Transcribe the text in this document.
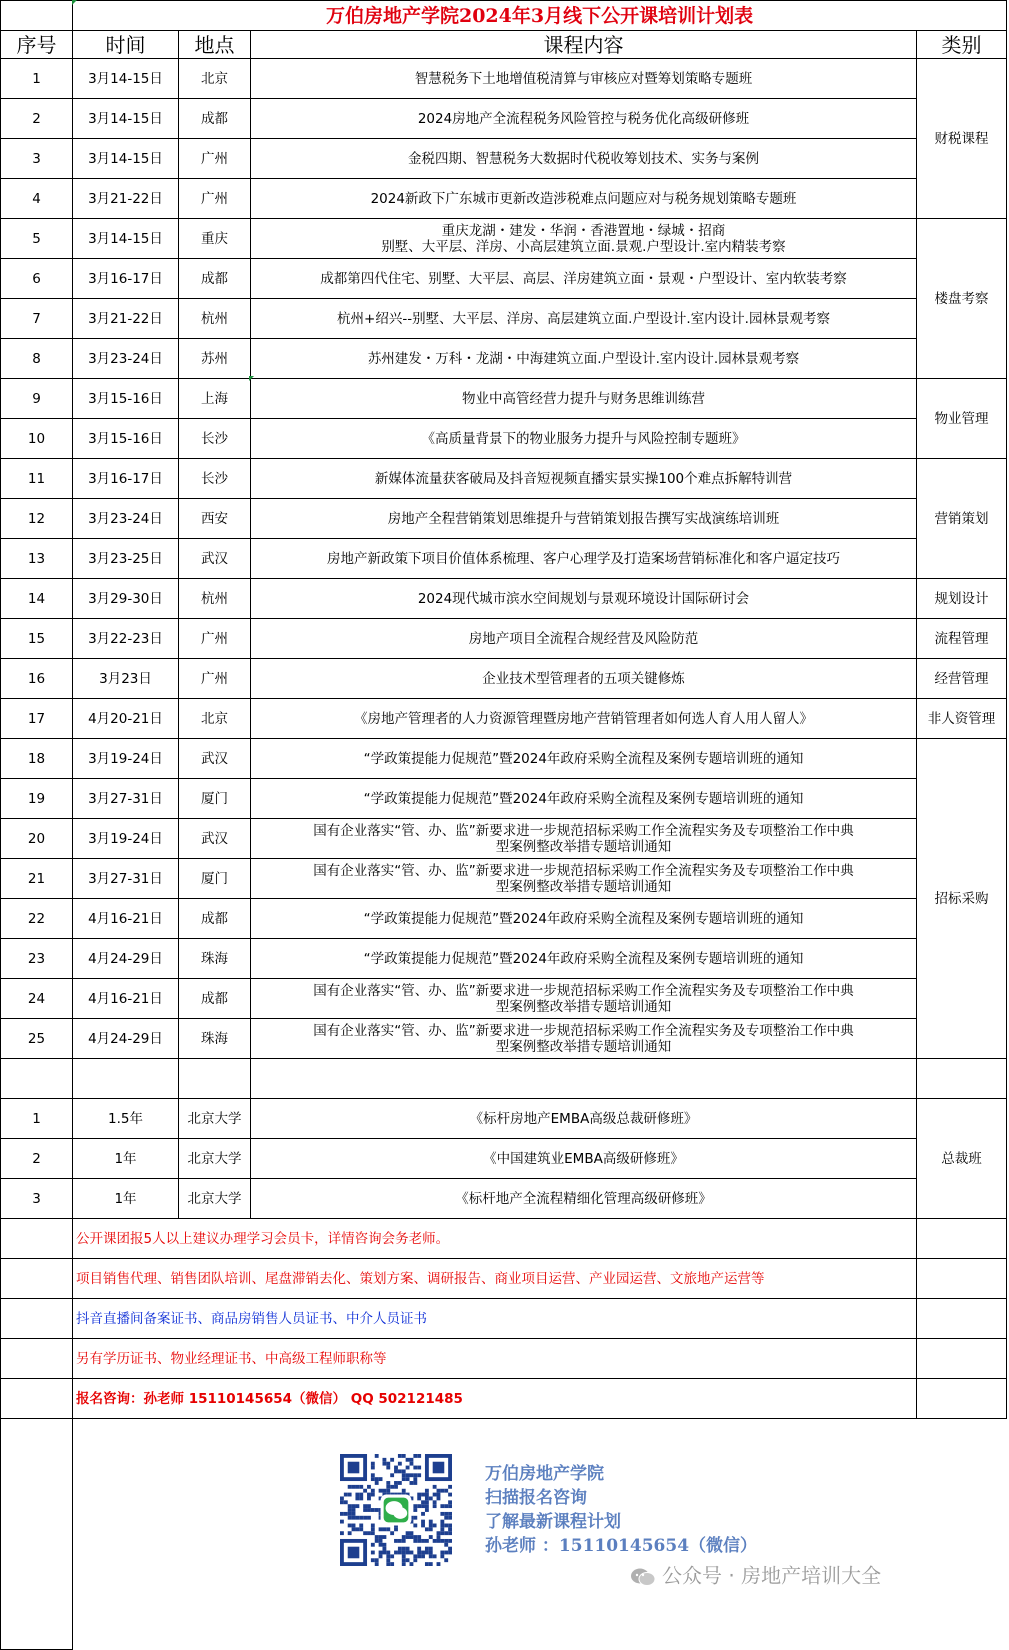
	万伯房地产学院2024年3月线下公开课培训计划表			
序号	时间	地点	课程内容	类别
1	3月14-15日	北京	智慧税务下土地增值税清算与审核应对暨筹划策略专题班	财税课程
2	3月14-15日	成都	2024房地产全流程税务风险管控与税务优化高级研修班	
3	3月14-15日	广州	金税四期、智慧税务大数据时代税收筹划技术、实务与案例	
4	3月21-22日	广州	2024新政下广东城市更新改造涉税难点问题应对与税务规划策略专题班	
5	3月14-15日	重庆	重庆龙湖・建发・华润・香港置地・绿城・招商
别墅、大平层、洋房、小高层建筑立面.景观.户型设计.室内精装考察	楼盘考察
6	3月16-17日	成都	成都第四代住宅、别墅、大平层、高层、洋房建筑立面・景观・户型设计、室内软装考察	
7	3月21-22日	杭州	杭州+绍兴--别墅、大平层、洋房、高层建筑立面.户型设计.室内设计.园林景观考察	
8	3月23-24日	苏州	苏州建发・万科・龙湖・中海建筑立面.户型设计.室内设计.园林景观考察	
9	3月15-16日	上海	物业中高管经营力提升与财务思维训练营	物业管理
10	3月15-16日	长沙	《高质量背景下的物业服务力提升与风险控制专题班》	
11	3月16-17日	长沙	新媒体流量获客破局及抖音短视频直播实景实操100个难点拆解特训营	营销策划
12	3月23-24日	西安	房地产全程营销策划思维提升与营销策划报告撰写实战演练培训班	
13	3月23-25日	武汉	房地产新政策下项目价值体系梳理、客户心理学及打造案场营销标准化和客户逼定技巧	
14	3月29-30日	杭州	2024现代城市滨水空间规划与景观环境设计国际研讨会	规划设计
15	3月22-23日	广州	房地产项目全流程合规经营及风险防范	流程管理
16	3月23日	广州	企业技术型管理者的五项关键修炼	经营管理
17	4月20-21日	北京	《房地产管理者的人力资源管理暨房地产营销管理者如何选人育人用人留人》	非人资管理
18	3月19-24日	武汉	“学政策提能力促规范”暨2024年政府采购全流程及案例专题培训班的通知	招标采购
19	3月27-31日	厦门	“学政策提能力促规范”暨2024年政府采购全流程及案例专题培训班的通知	
20	3月19-24日	武汉	国有企业落实“管、办、监”新要求进一步规范招标采购工作全流程实务及专项整治工作中典
型案例整改举措专题培训通知	
21	3月27-31日	厦门	国有企业落实“管、办、监”新要求进一步规范招标采购工作全流程实务及专项整治工作中典
型案例整改举措专题培训通知	
22	4月16-21日	成都	“学政策提能力促规范”暨2024年政府采购全流程及案例专题培训班的通知	
23	4月24-29日	珠海	“学政策提能力促规范”暨2024年政府采购全流程及案例专题培训班的通知	
24	4月16-21日	成都	国有企业落实“管、办、监”新要求进一步规范招标采购工作全流程实务及专项整治工作中典
型案例整改举措专题培训通知	
25	4月24-29日	珠海	国有企业落实“管、办、监”新要求进一步规范招标采购工作全流程实务及专项整治工作中典
型案例整改举措专题培训通知	

1	1.5年	北京大学	《标杆房地产EMBA高级总裁研修班》	总裁班
2	1年	北京大学	《中国建筑业EMBA高级研修班》	
3	1年	北京大学	《标杆地产全流程精细化管理高级研修班》	
	公开课团报5人以上建议办理学习会员卡，详情咨询会务老师。			
	项目销售代理、销售团队培训、尾盘滞销去化、策划方案、调研报告、商业项目运营、产业园运营、文旅地产运营等			
	抖音直播间备案证书、商品房销售人员证书、中介人员证书			
	另有学历证书、物业经理证书、中高级工程师职称等			
	报名咨询：孙老师 15110145654（微信） QQ 502121485			

	万伯房地产学院
扫描报名咨询
了解最新课程计划
孙老师 ：15110145654（微信）
公众号 · 房地产培训大全			
